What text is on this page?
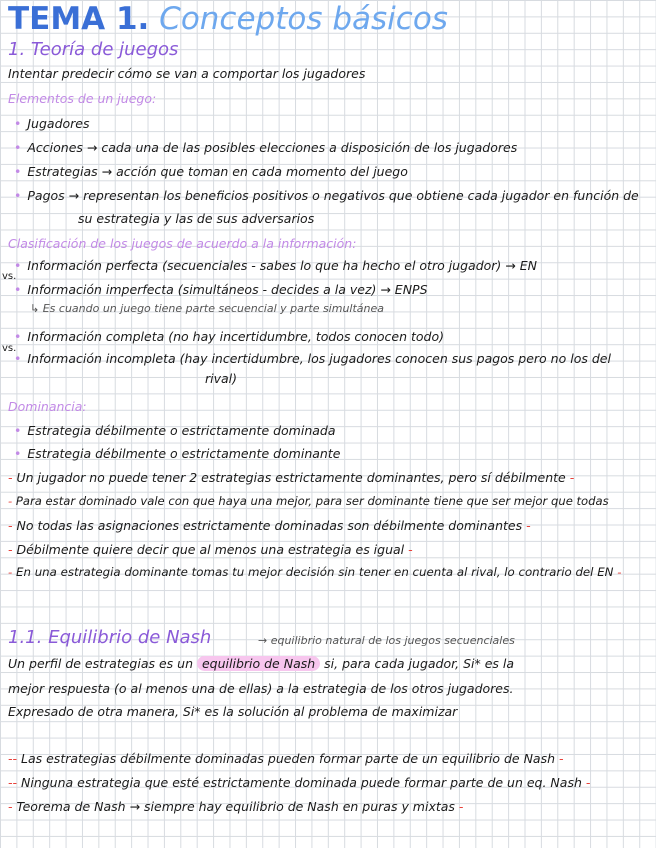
TEMA 1. Conceptos básicos
1. Teoría de juegos
Intentar predecir cómo se van a comportar los jugadores
Elementos de un juego:
• Jugadores
• Acciones → cada una de las posibles elecciones a disposición de los jugadores
• Estrategias → acción que toman en cada momento del juego
• Pagos → representan los beneficios positivos o negativos que obtiene cada jugador en función de
su estrategia y las de sus adversarios
Clasificación de los juegos de acuerdo a la información:
vs.
• Información perfecta (secuenciales - sabes lo que ha hecho el otro jugador) → EN
• Información imperfecta (simultáneos - decides a la vez) → ENPS
↳ Es cuando un juego tiene parte secuencial y parte simultánea
vs.
• Información completa (no hay incertidumbre, todos conocen todo)
• Información incompleta (hay incertidumbre, los jugadores conocen sus pagos pero no los del
rival)
Dominancia:
• Estrategia débilmente o estrictamente dominada
• Estrategia débilmente o estrictamente dominante
- Un jugador no puede tener 2 estrategias estrictamente dominantes, pero sí débilmente -
- Para estar dominado vale con que haya una mejor, para ser dominante tiene que ser mejor que todas
- No todas las asignaciones estrictamente dominadas son débilmente dominantes -
- Débilmente quiere decir que al menos una estrategia es igual -
- En una estrategia dominante tomas tu mejor decisión sin tener en cuenta al rival, lo contrario del EN -
1.1. Equilibrio de Nash	→ equilibrio natural de los juegos secuenciales
Un perfil de estrategias es un equilibrio de Nash si, para cada jugador, Si* es la
mejor respuesta (o al menos una de ellas) a la estrategia de los otros jugadores.
Expresado de otra manera, Si* es la solución al problema de maximizar
-- Las estrategias débilmente dominadas pueden formar parte de un equilibrio de Nash -
-- Ninguna estrategia que esté estrictamente dominada puede formar parte de un eq. Nash -
- Teorema de Nash → siempre hay equilibrio de Nash en puras y mixtas -
